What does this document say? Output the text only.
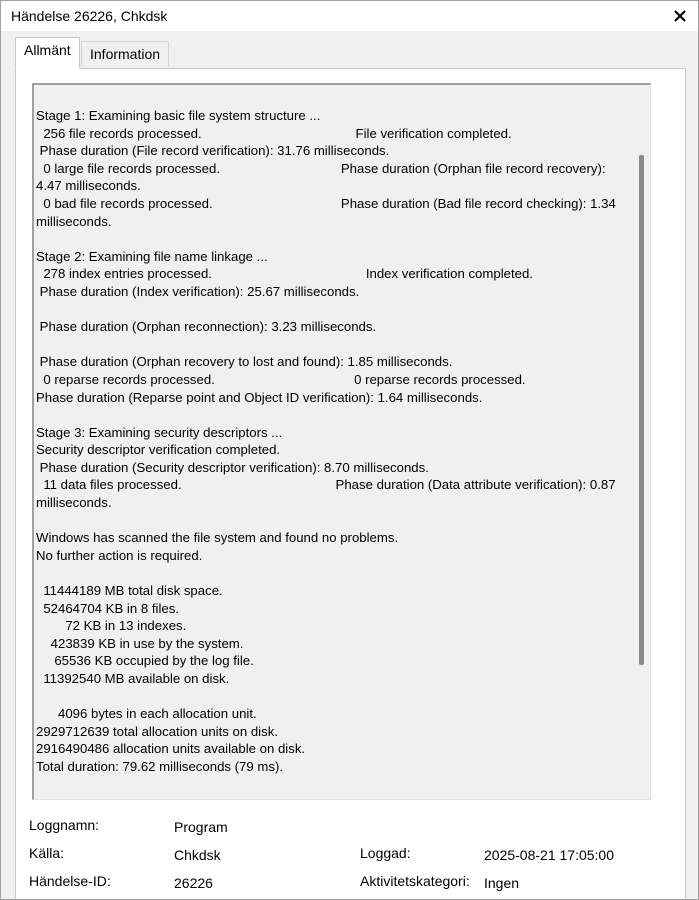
Händelse 26226, Chkdsk
Allmänt	Information
Stage 1: Examining basic file system structure ...
256 file records processed.                                          File verification completed.
Phase duration (File record verification): 31.76 milliseconds.
0 large file records processed.                                 Phase duration (Orphan file record recovery): 4.47 milliseconds.
0 bad file records processed.                                   Phase duration (Bad file record checking): 1.34 milliseconds.

Stage 2: Examining file name linkage ...
278 index entries processed.                                          Index verification completed.
Phase duration (Index verification): 25.67 milliseconds.

Phase duration (Orphan reconnection): 3.23 milliseconds.

Phase duration (Orphan recovery to lost and found): 1.85 milliseconds.
0 reparse records processed.                                      0 reparse records processed.
Phase duration (Reparse point and Object ID verification): 1.64 milliseconds.

Stage 3: Examining security descriptors ...
Security descriptor verification completed.
Phase duration (Security descriptor verification): 8.70 milliseconds.
11 data files processed.                                          Phase duration (Data attribute verification): 0.87 milliseconds.

Windows has scanned the file system and found no problems.
No further action is required.

11444189 MB total disk space.
52464704 KB in 8 files.
72 KB in 13 indexes.
423839 KB in use by the system.
65536 KB occupied by the log file.
11392540 MB available on disk.

4096 bytes in each allocation unit.
2929712639 total allocation units on disk.
2916490486 allocation units available on disk.
Total duration: 79.62 milliseconds (79 ms).
Loggnamn:	Program
Källa:	Chkdsk	Loggad:	2025-08-21 17:05:00
Händelse-ID:	26226	Aktivitetskategori: Ingen
